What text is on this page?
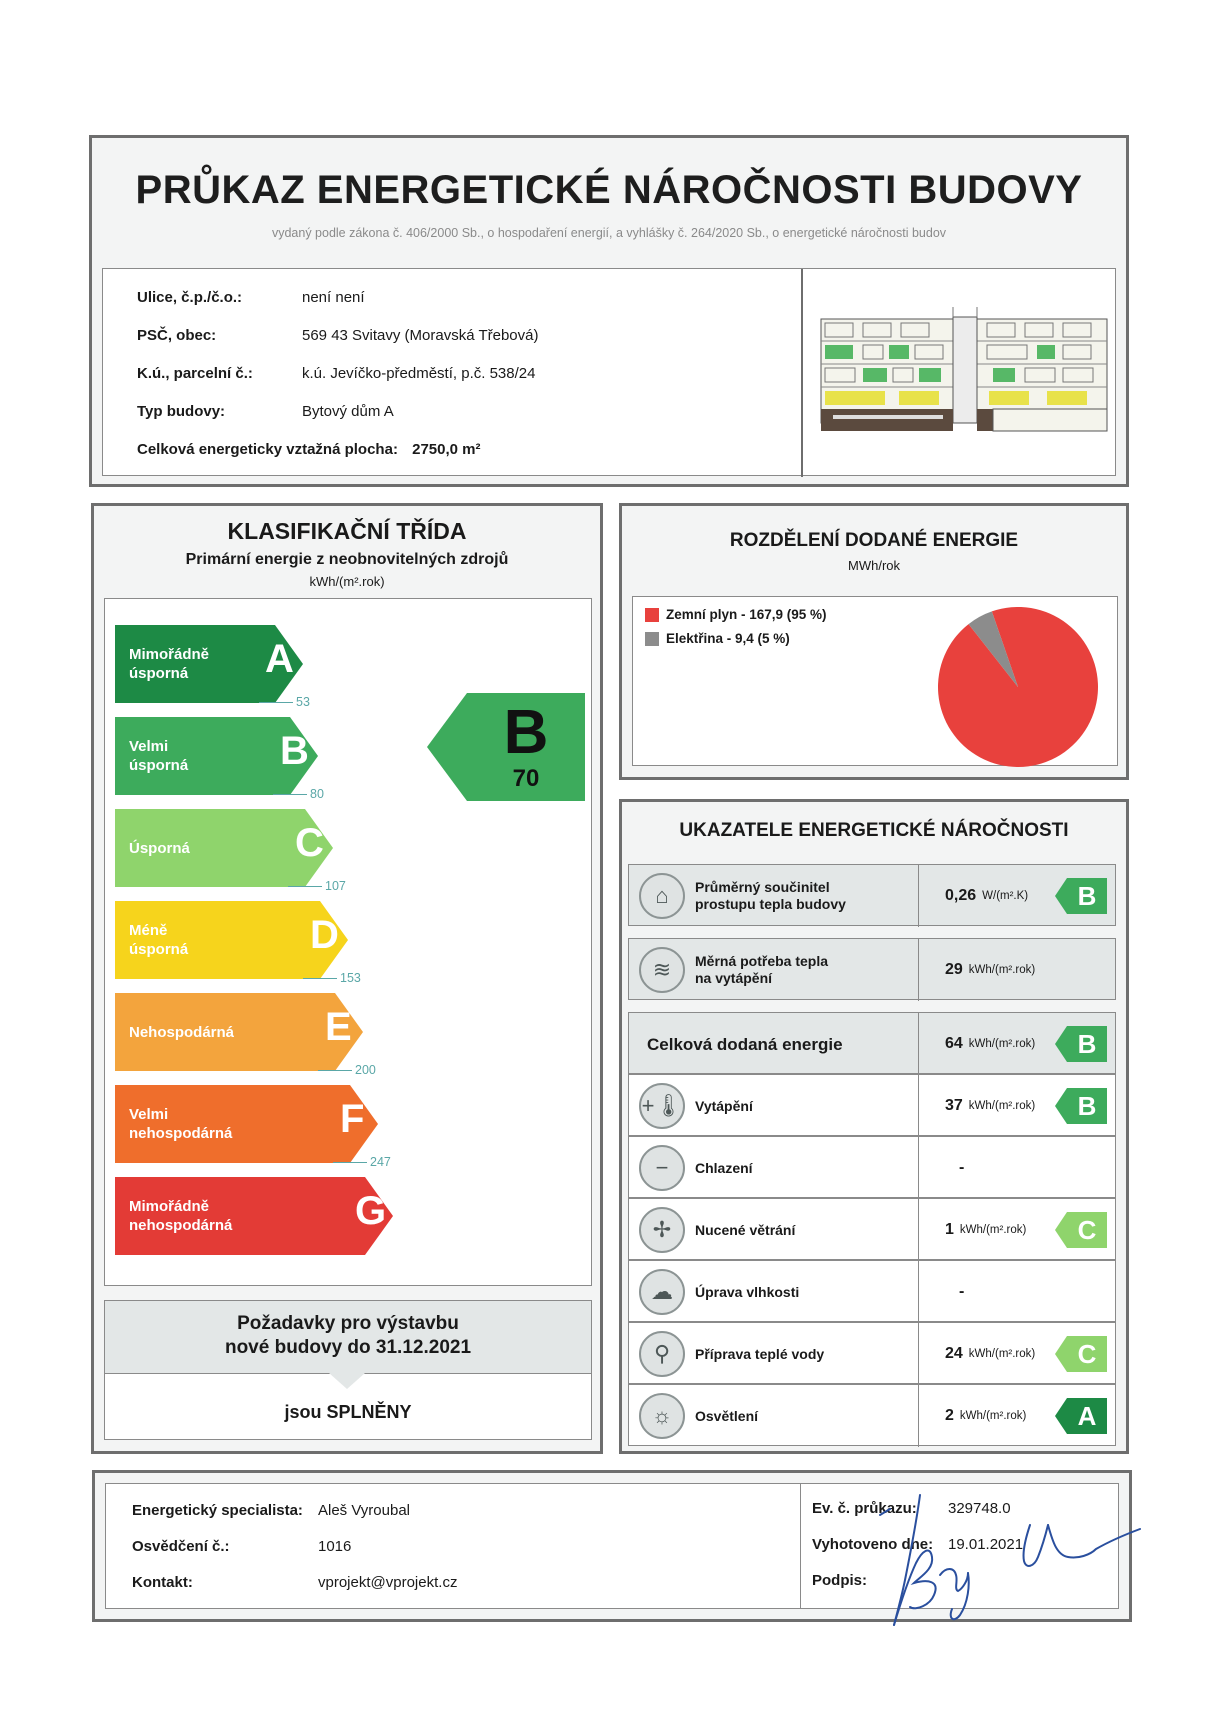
PRŮKAZ ENERGETICKÉ NÁROČNOSTI BUDOVY
vydaný podle zákona č. 406/2000 Sb., o hospodaření energií, a vyhlášky č. 264/2020 Sb., o energetické náročnosti budov
Ulice, č.p./č.o.:	není není
PSČ, obec:	569 43 Svitavy (Moravská Třebová)
K.ú., parcelní č.:	k.ú. Jevíčko-předměstí, p.č. 538/24
Typ budovy:	Bytový dům A
Celková energeticky vztažná plocha: 2750,0 m²
KLASIFIKAČNÍ TŘÍDA
Primární energie z neobnovitelných zdrojů
kWh/(m².rok)
Mimořádně
úsporná	A
53
Velmi
úsporná B
80
Úsporná	C
107
Méně úsporná	D
153
Nehospodárná E
200
Velmi
nehospodárná	F
247
Mimořádně
nehospodárná	G
B
70
Požadavky pro výstavbu
nové budovy do 31.12.2021
jsou SPLNĚNY
ROZDĚLENÍ DODANÉ ENERGIE
MWh/rok
Zemní plyn - 167,9 (95 %)
Elektřina - 9,4 (5 %)
UKAZATELE ENERGETICKÉ NÁROČNOSTI
⌂	Průměrný součinitel
prostupu tepla budovy	0,26 W/(m².K)	B
≋	Měrná potřeba tepla
na vytápění	29 kWh/(m².rok)
Celková dodaná energie	64 kWh/(m².rok)	B
+🌡 Vytápění	37 kWh/(m².rok)	B
−	Chlazení	-
✢	Nucené větrání	1 kWh/(m².rok)	C
☁	Úprava vlhkosti	-
⚲	Příprava teplé vody	24 kWh/(m².rok)	C
☼	Osvětlení	2 kWh/(m².rok)	A
Energetický specialista: Aleš Vyroubal
Osvědčení č.:	1016
Kontakt:	vprojekt@vprojekt.cz
Ev. č. průkazu: 329748.0
Vyhotoveno dne: 19.01.2021
Podpis:
